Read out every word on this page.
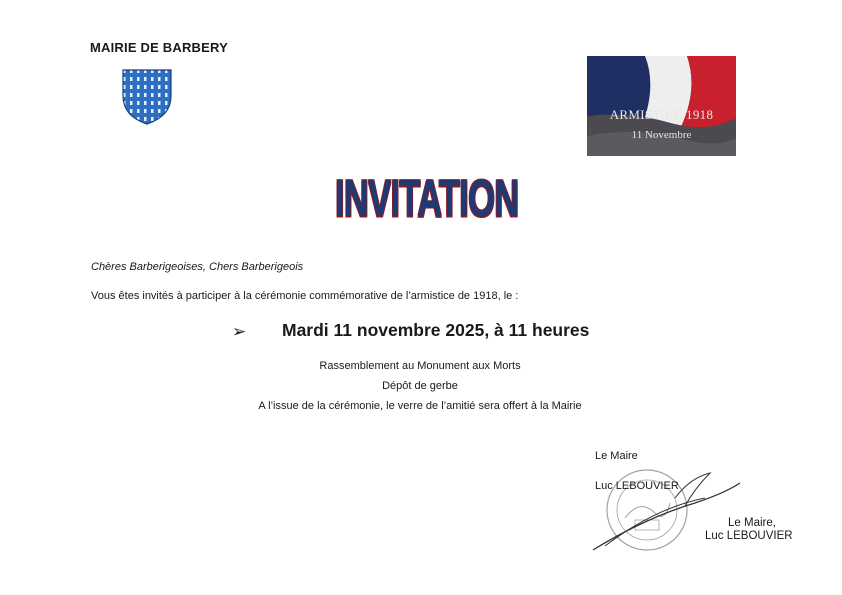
MAIRIE DE BARBERY
ARMISTICE 1918
11 Novembre
INVITATION
Chères Barberigeoises, Chers Barberigeois
Vous êtes invités à participer à la cérémonie commémorative de l’armistice de 1918, le :
➢ Mardi 11 novembre 2025, à 11 heures
Rassemblement au Monument aux Morts
Dépôt de gerbe
A l’issue de la cérémonie, le verre de l’amitié sera offert à la Mairie
Le Maire
Luc LEBOUVIER
Le Maire,
Luc LEBOUVIER
